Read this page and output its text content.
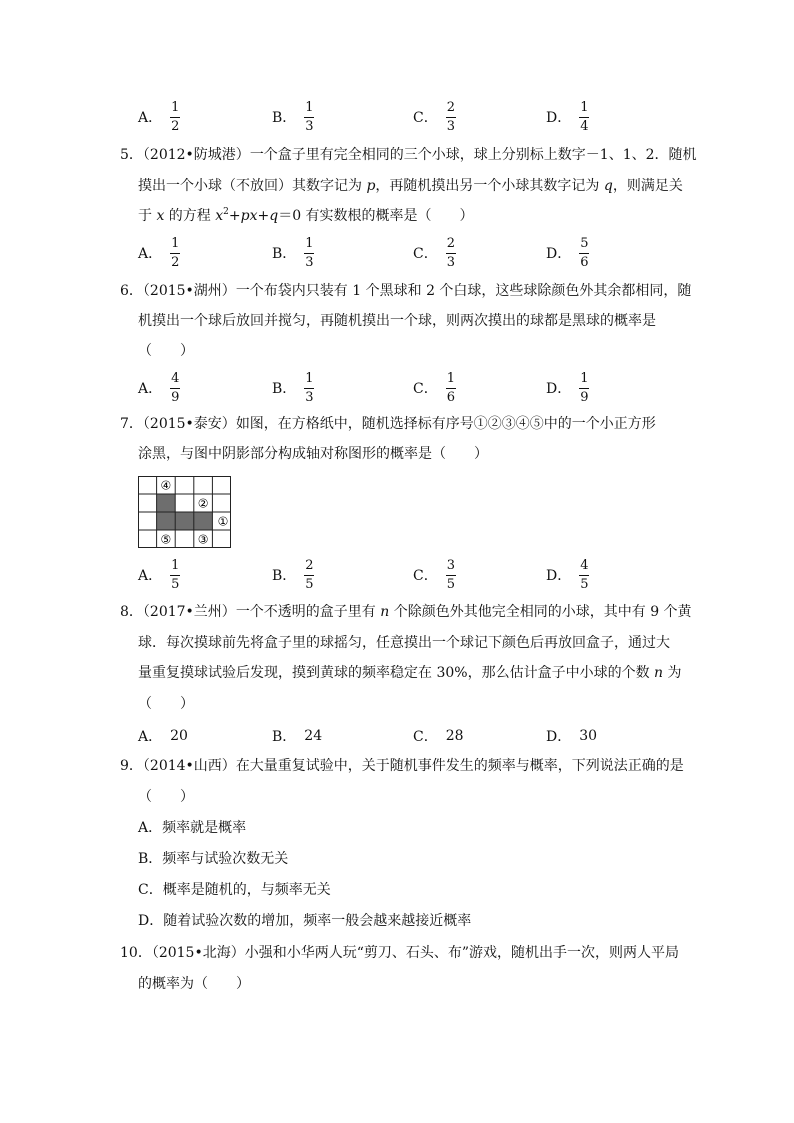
A． $\frac{1}{2}$	B． $\frac{1}{3}$	C． $\frac{2}{3}$	D． $\frac{1}{4}$
5．（2012•防城港）一个盒子里有完全相同的三个小球，球上分别标上数字－1、1、2．随机
摸出一个小球（不放回）其数字记为 p，再随机摸出另一个小球其数字记为 q，则满足关
于 x 的方程 $x^2+px+q=0$ 有实数根的概率是（　　）
A． $\frac{1}{2}$	B． $\frac{1}{3}$	C． $\frac{2}{3}$	D． $\frac{5}{6}$
6．（2015•湖州）一个布袋内只装有 1 个黑球和 2 个白球，这些球除颜色外其余都相同，随
机摸出一个球后放回并搅匀，再随机摸出一个球，则两次摸出的球都是黑球的概率是
（　　）
A． $\frac{4}{9}$	B． $\frac{1}{3}$	C． $\frac{1}{6}$	D． $\frac{1}{9}$
7．（2015•泰安）如图，在方格纸中，随机选择标有序号①②③④⑤中的一个小正方形
涂黑，与图中阴影部分构成轴对称图形的概率是（　　）
④
②
①
⑤ ③
A． $\frac{1}{5}$	B． $\frac{2}{5}$	C． $\frac{3}{5}$	D． $\frac{4}{5}$
8．（2017•兰州）一个不透明的盒子里有 n 个除颜色外其他完全相同的小球，其中有 9 个黄
球．每次摸球前先将盒子里的球摇匀，任意摸出一个球记下颜色后再放回盒子，通过大
量重复摸球试验后发现，摸到黄球的频率稳定在 30%，那么估计盒子中小球的个数 n 为
（　　）
A． 20	B． 24	C． 28	D． 30
9．（2014•山西）在大量重复试验中，关于随机事件发生的频率与概率，下列说法正确的是
（　　）
A．频率就是概率
B．频率与试验次数无关
C．概率是随机的，与频率无关
D．随着试验次数的增加，频率一般会越来越接近概率
10．（2015•北海）小强和小华两人玩“剪刀、石头、布”游戏，随机出手一次，则两人平局
的概率为（　　）
